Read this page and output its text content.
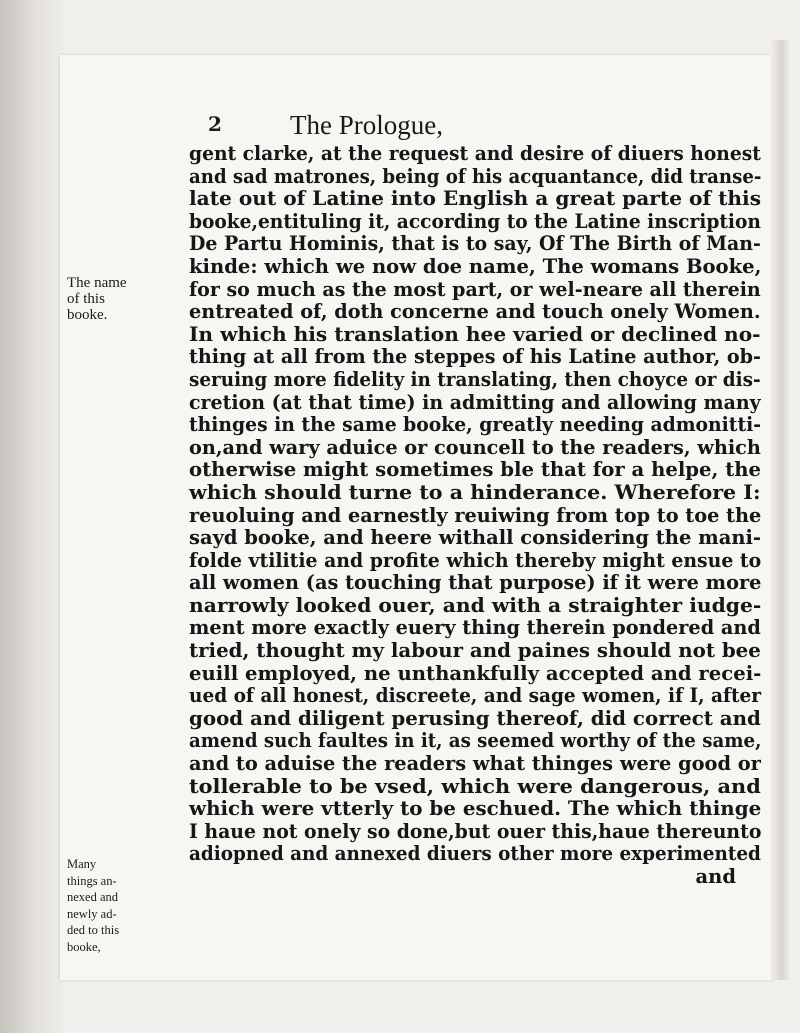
2	The Prologue,

The name

of this

booke.

Many

things an-

nexed and

newly ad-

ded to this

booke,

gent clarke, at the request and desire of diuers honest
and sad matrones, being of his acquantance, did transe-
late out of Latine into English a great parte of this
booke,entituling it, according to the Latine inscription
De Partu Hominis, that is to say, Of The Birth of Man-
kinde: which we now doe name, The womans Booke,
for so much as the most part, or wel-neare all therein
entreated of, doth concerne and touch onely Women.
In which his translation hee varied or declined no-
thing at all from the steppes of his Latine author, ob-
seruing more fidelity in translating, then choyce or dis-
cretion (at that time) in admitting and allowing many
thinges in the same booke, greatly needing admonitti-
on,and wary aduice or councell to the readers, which
otherwise might sometimes ble that for a helpe, the
which should turne to a hinderance. Wherefore I:
reuoluing and earnestly reuiwing from top to toe the
sayd booke, and heere withall considering the mani-
folde vtilitie and profite which thereby might ensue to
all women (as touching that purpose) if it were more
narrowly looked ouer, and with a straighter iudge-
ment more exactly euery thing therein pondered and
tried, thought my labour and paines should not bee
euill employed, ne unthankfully accepted and recei-
ued of all honest, discreete, and sage women, if I, after
good and diligent perusing thereof, did correct and
amend such faultes in it, as seemed worthy of the same,
and to aduise the readers what thinges were good or
tollerable to be vsed, which were dangerous, and
which were vtterly to be eschued. The which thinge
I haue not onely so done,but ouer this,haue thereunto
adiopned and annexed diuers other more experimented
and
